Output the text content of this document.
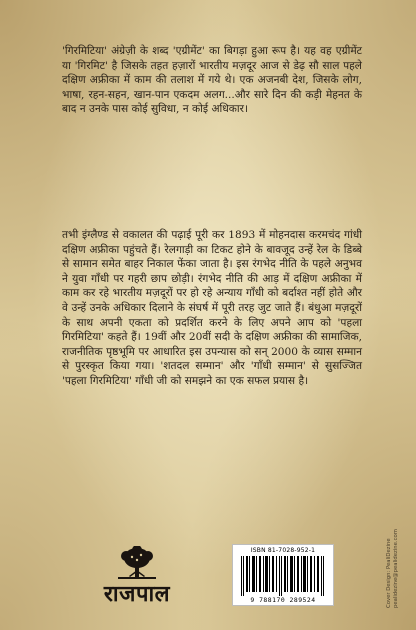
'गिरमिटिया' अंग्रेज़ी के शब्द 'एग्रीमेंट' का बिगड़ा हुआ रूप है। यह वह एग्रीमेंट या 'गिरमिट' है जिसके तहत हज़ारों भारतीय मज़दूर आज से डेढ़ सौ साल पहले दक्षिण अफ्रीका में काम की तलाश में गये थे। एक अजनबी देश, जिसके लोग, भाषा, रहन-सहन, खान-पान एकदम अलग...और सारे दिन की कड़ी मेहनत के बाद न उनके पास कोई सुविधा, न कोई अधिकार।

तभी इंग्लैण्ड से वकालत की पढ़ाई पूरी कर 1893 में मोहनदास करमचंद गांधी दक्षिण अफ्रीका पहुंचते हैं। रेलगाड़ी का टिकट होने के बावजूद उन्हें रेल के डिब्बे से सामान समेत बाहर निकाल फेंका जाता है। इस रंगभेद नीति के पहले अनुभव ने युवा गाँधी पर गहरी छाप छोड़ी। रंगभेद नीति की आड़ में दक्षिण अफ्रीका में काम कर रहे भारतीय मज़दूरों पर हो रहे अन्याय गाँधी को बर्दाश्त नहीं होते और वे उन्हें उनके अधिकार दिलाने के संघर्ष में पूरी तरह जुट जाते हैं। बंधुआ मज़दूरों के साथ अपनी एकता को प्रदर्शित करने के लिए अपने आप को 'पहला गिरमिटिया' कहते हैं। 19वीं और 20वीं सदी के दक्षिण अफ्रीका की सामाजिक, राजनीतिक पृष्ठभूमि पर आधारित इस उपन्यास को सन् 2000 के व्यास सम्मान से पुरस्कृत किया गया। 'शतदल सम्मान' और 'गाँधी सम्मान' से सुसज्जित 'पहला गिरमिटिया' गाँधी जी को समझने का एक सफल प्रयास है।

राजपाल
ISBN 81-7028-952-1
9 788170 289524	Cover Design: PealiDezine pealidezine@pealidezine.com
